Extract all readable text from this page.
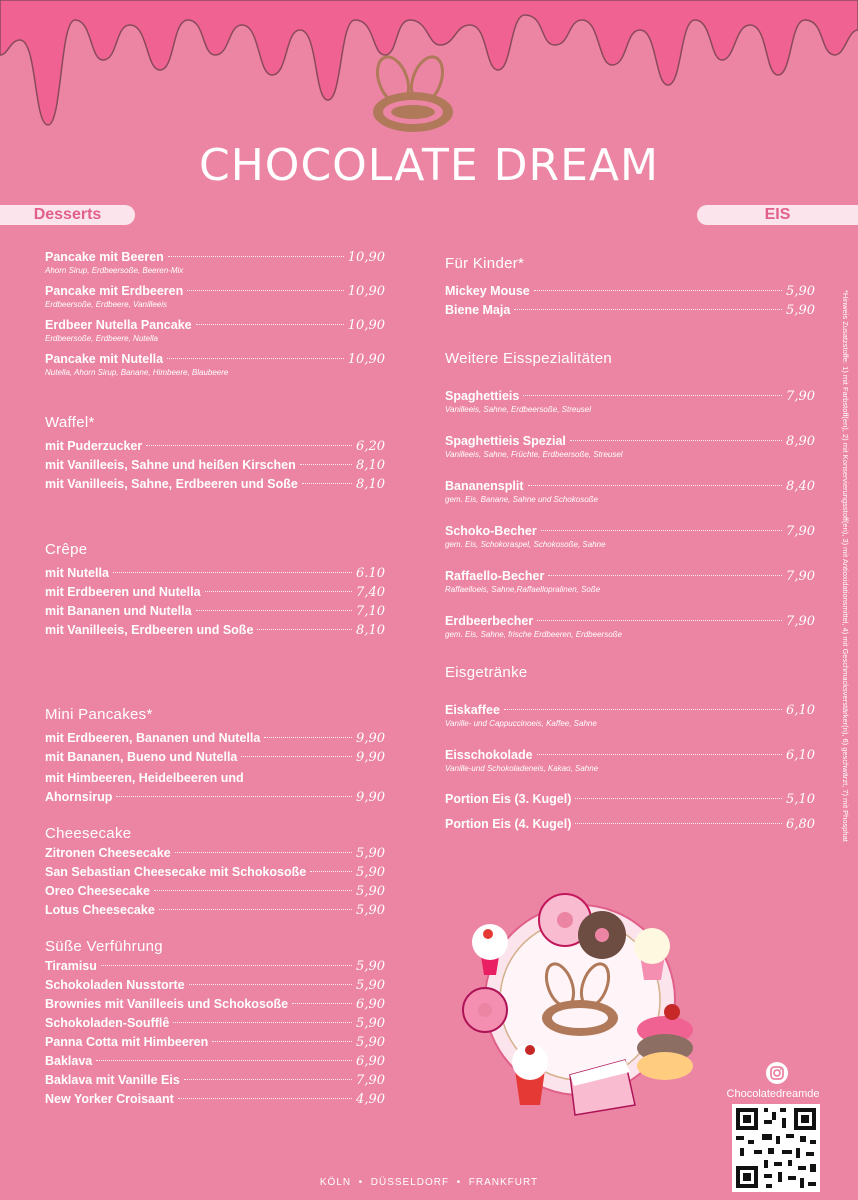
CHOCOLATE DREAM
Desserts	EIS
Pancake mit Beeren	10,90
Ahorn Sirup, Erdbeersoße, Beeren-Mix
Pancake mit Erdbeeren	10,90
Erdbeersoße, Erdbeere, Vanilleeis
Erdbeer Nutella Pancake	10,90
Erdbeersoße, Erdbeere, Nutella
Pancake mit Nutella	10,90
Nutella, Ahorn Sirup, Banane, Himbeere, Blaubeere
Waffel*
mit Puderzucker	6,20
mit Vanilleeis, Sahne und heißen Kirschen	8,10
mit Vanilleeis, Sahne, Erdbeeren und Soße	8,10
Crêpe
mit Nutella	6.10
mit Erdbeeren und Nutella	7,40
mit Bananen und Nutella	7,10
mit Vanilleeis, Erdbeeren und Soße	8,10
Mini Pancakes*
mit Erdbeeren, Bananen und Nutella	9,90
mit Bananen, Bueno und Nutella	9,90
mit Himbeeren, Heidelbeeren und
Ahornsirup	9,90
Cheesecake
Zitronen Cheesecake	5,90
San Sebastian Cheesecake mit Schokosoße	5,90
Oreo Cheesecake	5,90
Lotus Cheesecake	5,90
Süße Verführung
Tiramisu	5,90
Schokoladen Nusstorte	5,90
Brownies mit Vanilleeis und Schokosoße	6,90
Schokoladen-Soufflê	5,90
Panna Cotta mit Himbeeren	5,90
Baklava	6,90
Baklava mit Vanille Eis	7,90
New Yorker Croisaant	4,90
Für Kinder*
Mickey Mouse	5,90
Biene Maja	5,90
Weitere Eisspezialitäten
Spaghettieis	7,90
Vanilleeis, Sahne, Erdbeersoße, Streusel
Spaghettieis Spezial	8,90
Vanilleeis, Sahne, Früchte, Erdbeersoße, Streusel
Bananensplit	8,40
gem. Eis, Banane, Sahne und Schokosoße
Schoko-Becher	7,90
gem. Eis, Schokoraspel, Schokosoße, Sahne
Raffaello-Becher	7,90
Raffaelloeis, Sahne,Raffaellopralinen, Soße
Erdbeerbecher	7,90
gem. Eis, Sahne, frische Erdbeeren, Erdbeersoße
Eisgetränke
Eiskaffee	6,10
Vanille- und Cappuccinoeis, Kaffee, Sahne
Eisschokolade	6,10
Vanille-und Schokoladeneis, Kakao, Sahne
Portion Eis (3. Kugel)	5,10
Portion Eis (4. Kugel)	6,80	*Hinweis Zusatzstoffe: 1) mit Farbstoff(en), 2) mit Konservierungsstoff(en), 3) mit Antioxidationsmittel, 4) mit Geschmacksverstärker(n), 6) geschwärzt, 7) mit Phosphat
Chocolatedreamde
KÖLN • DÜSSELDORF • FRANKFURT
